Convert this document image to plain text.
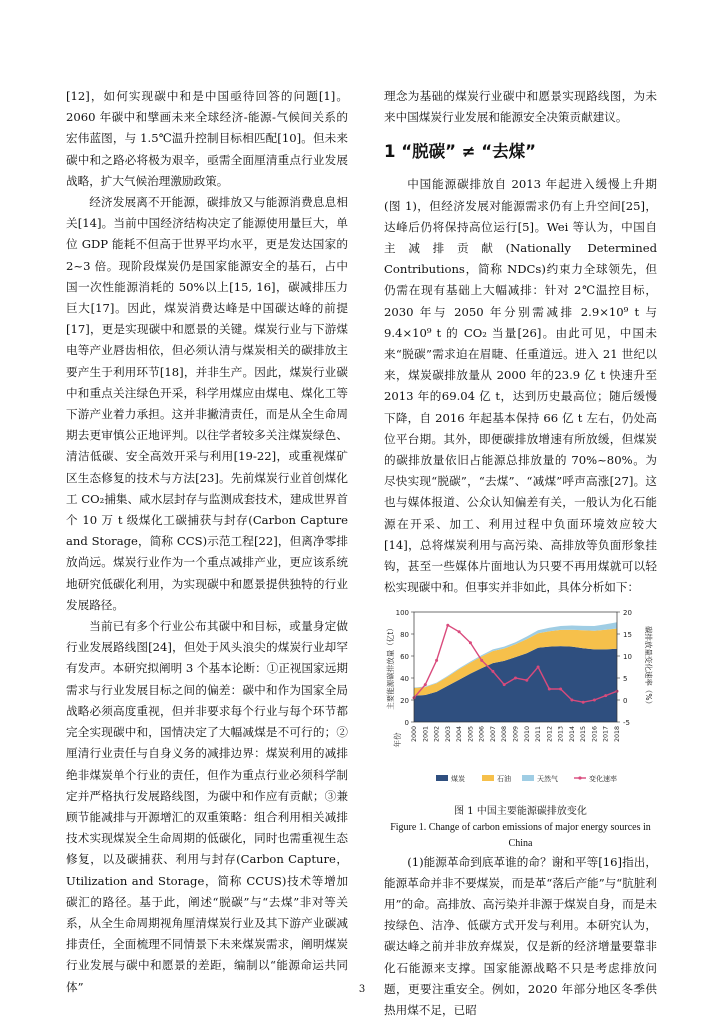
[12]，如何实现碳中和是中国亟待回答的问题[1]。2060 年碳中和擘画未来全球经济-能源-气候间关系的宏伟蓝图，与 1.5℃温升控制目标相匹配[10]。但未来碳中和之路必将极为艰辛，亟需全面厘清重点行业发展战略，扩大气候治理激励政策。

经济发展离不开能源，碳排放又与能源消费息息相关[14]。当前中国经济结构决定了能源使用量巨大，单位 GDP 能耗不但高于世界平均水平，更是发达国家的 2~3 倍。现阶段煤炭仍是国家能源安全的基石，占中国一次性能源消耗的 50%以上[15, 16]，碳减排压力巨大[17]。因此，煤炭消费达峰是中国碳达峰的前提[17]，更是实现碳中和愿景的关键。煤炭行业与下游煤电等产业唇齿相依，但必须认清与煤炭相关的碳排放主要产生于利用环节[18]，并非生产。因此，煤炭行业碳中和重点关注绿色开采，科学用煤应由煤电、煤化工等下游产业着力承担。这并非撇清责任，而是从全生命周期去更审慎公正地评判。以往学者较多关注煤炭绿色、清洁低碳、安全高效开采与利用[19-22]，或重视煤矿区生态修复的技术与方法[23]。先前煤炭行业首创煤化工 CO₂捕集、咸水层封存与监测成套技术，建成世界首个 10 万 t 级煤化工碳捕获与封存(Carbon Capture and Storage，简称 CCS)示范工程[22]，但离净零排放尚远。煤炭行业作为一个重点减排产业，更应该系统地研究低碳化利用，为实现碳中和愿景提供独特的行业发展路径。

当前已有多个行业公布其碳中和目标，或量身定做行业发展路线图[24]，但处于风头浪尖的煤炭行业却罕有发声。本研究拟阐明 3 个基本论断：①正视国家远期需求与行业发展目标之间的偏差：碳中和作为国家全局战略必须高度重视，但并非要求每个行业与每个环节都完全实现碳中和，国情决定了大幅减煤是不可行的；②厘清行业责任与自身义务的减排边界：煤炭利用的减排绝非煤炭单个行业的责任，但作为重点行业必须科学制定并严格执行发展路线图，为碳中和作应有贡献；③兼顾节能减排与开源增汇的双重策略：组合利用相关减排技术实现煤炭全生命周期的低碳化，同时也需重视生态修复，以及碳捕获、利用与封存(Carbon Capture，Utilization and Storage，简称 CCUS)技术等增加碳汇的路径。基于此，阐述“脱碳”与“去煤”非对等关系，从全生命周期视角厘清煤炭行业及其下游产业碳减排责任，全面梳理不同情景下未来煤炭需求，阐明煤炭行业发展与碳中和愿景的差距，编制以“能源命运共同体”

理念为基础的煤炭行业碳中和愿景实现路线图，为未来中国煤炭行业发展和能源安全决策贡献建议。

1 “脱碳” ≠ “去煤”

中国能源碳排放自 2013 年起进入缓慢上升期(图 1)，但经济发展对能源需求仍有上升空间[25]，达峰后仍将保持高位运行[5]。Wei 等认为，中国自主减排贡献(Nationally Determined Contributions，简称 NDCs)约束力全球领先，但仍需在现有基础上大幅减排：针对 2℃温控目标，2030 年与 2050 年分别需减排 2.9×10⁹ t 与 9.4×10⁹ t 的 CO₂ 当量[26]。由此可见，中国未来“脱碳”需求迫在眉睫、任重道远。进入 21 世纪以来，煤炭碳排放量从 2000 年的23.9 亿 t 快速升至2013 年的69.04 亿 t，达到历史最高位；随后缓慢下降，自 2016 年起基本保持 66 亿 t 左右，仍处高位平台期。其外，即便碳排放增速有所放缓，但煤炭的碳排放量依旧占能源总排放量的 70%~80%。为尽快实现“脱碳”，“去煤”、“减煤”呼声高涨[27]。这也与媒体报道、公众认知偏差有关，一般认为化石能源在开采、加工、利用过程中负面环境效应较大[14]，总将煤炭利用与高污染、高排放等负面形象挂钩，甚至一些媒体片面地认为只要不再用煤就可以轻松实现碳中和。但事实并非如此，具体分析如下：

0
20
40
60
80
100
-5
0
5
10
15
20
2000 2001 2002 2003 2004 2005 2006 2007 2008 2009 2010 2011 2012 2013 2014 2015 2016 2017 2018
主要能源碳排放量（亿t）	碳排放量变化速率（%）
年份
煤炭	石油	天然气	变化速率
图 1 中国主要能源碳排放变化
Figure 1. Change of carbon emissions of major energy sources in China

(1)能源革命到底革谁的命？谢和平等[16]指出，能源革命并非不要煤炭，而是革“落后产能”与“肮脏利用”的命。高排放、高污染并非源于煤炭自身，而是未按绿色、洁净、低碳方式开发与利用。本研究认为，碳达峰之前并非放弃煤炭，仅是新的经济增量要靠非化石能源来支撑。国家能源战略不只是考虑排放问题，更要注重安全。例如，2020 年部分地区冬季供热用煤不足，已昭

3
